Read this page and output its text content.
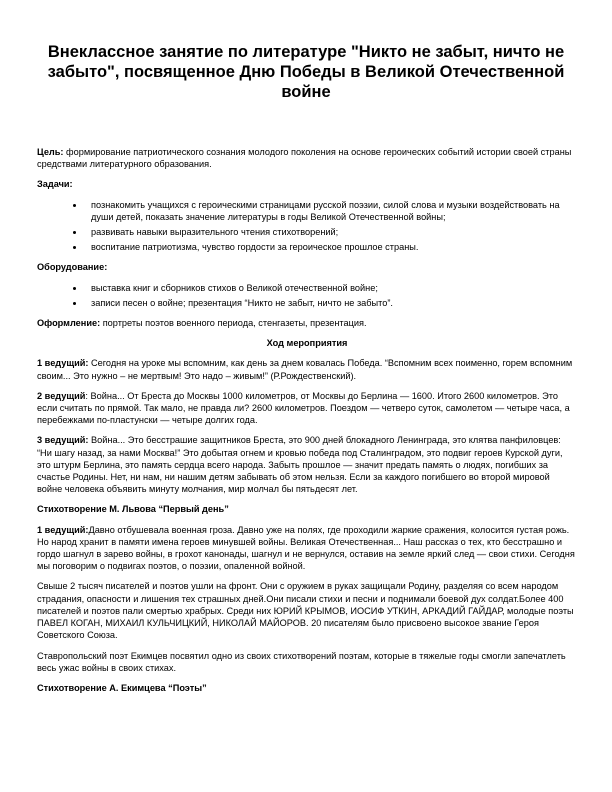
Внеклассное занятие по литературе "Никто не забыт, ничто не забыто", посвященное Дню Победы в Великой Отечественной войне

Цель: формирование патриотического сознания молодого поколения на основе героических событий истории своей страны средствами литературного образования.

Задачи:

• познакомить учащихся с героическими страницами русской поэзии, силой слова и музыки воздействовать на души детей, показать значение литературы в годы Великой Отечественной войны;
• развивать навыки выразительного чтения стихотворений;
• воспитание патриотизма, чувство гордости за героическое прошлое страны.

Оборудование:

• выставка книг и сборников стихов о Великой отечественной войне;
• записи песен о войне; презентация “Никто не забыт, ничто не забыто”.

Оформление: портреты поэтов военного периода, стенгазеты, презентация.

Ход мероприятия

1 ведущий: Сегодня на уроке мы вспомним, как день за днем ковалась Победа. “Вспомним всех поименно, горем вспомним своим... Это нужно – не мертвым! Это надо – живым!” (Р.Рождественский).

2 ведущий: Война... От Бреста до Москвы 1000 километров, от Москвы до Берлина — 1600. Итого 2600 километров. Это если считать по прямой. Так мало, не правда ли? 2600 километров. Поездом — четверо суток, самолетом — четыре часа, а перебежками по-пластунски — четыре долгих года.

3 ведущий: Война... Это бесстрашие защитников Бреста, это 900 дней блокадного Ленинграда, это клятва панфиловцев: “Ни шагу назад, за нами Москва!” Это добытая огнем и кровью победа под Сталинградом, это подвиг героев Курской дуги, это штурм Берлина, это память сердца всего народа. Забыть прошлое — значит предать память о людях, погибших за счастье Родины. Нет, ни нам, ни нашим детям забывать об этом нельзя. Если за каждого погибшего во второй мировой войне человека объявить минуту молчания, мир молчал бы пятьдесят лет.

Стихотворение М. Львова “Первый день”

1 ведущий:Давно отбушевала военная гроза. Давно уже на полях, где проходили жаркие сражения, колосится густая рожь. Но народ хранит в памяти имена героев минувшей войны. Великая Отечественная... Наш рассказ о тех, кто бесстрашно и гордо шагнул в зарево войны, в грохот канонады, шагнул и не вернулся, оставив на земле яркий след — свои стихи. Сегодня мы поговорим о подвигах поэтов, о поэзии, опаленной войной.

Свыше 2 тысяч писателей и поэтов ушли на фронт. Они с оружием в руках защищали Родину, разделяя со всем народом страдания, опасности и лишения тех страшных дней.Они писали стихи и песни и поднимали боевой дух солдат.Более 400 писателей и поэтов пали смертью храбрых. Среди них ЮРИЙ КРЫМОВ, ИОСИФ УТКИН, АРКАДИЙ ГАЙДАР, молодые поэты ПАВЕЛ КОГАН, МИХАИЛ КУЛЬЧИЦКИЙ, НИКОЛАЙ МАЙОРОВ. 20 писателям было присвоено высокое звание Героя Советского Союза.

Ставропольский поэт Екимцев посвятил одно из своих стихотворений поэтам, которые в тяжелые годы смогли запечатлеть весь ужас войны в своих стихах.

Стихотворение А. Екимцева “Поэты”
